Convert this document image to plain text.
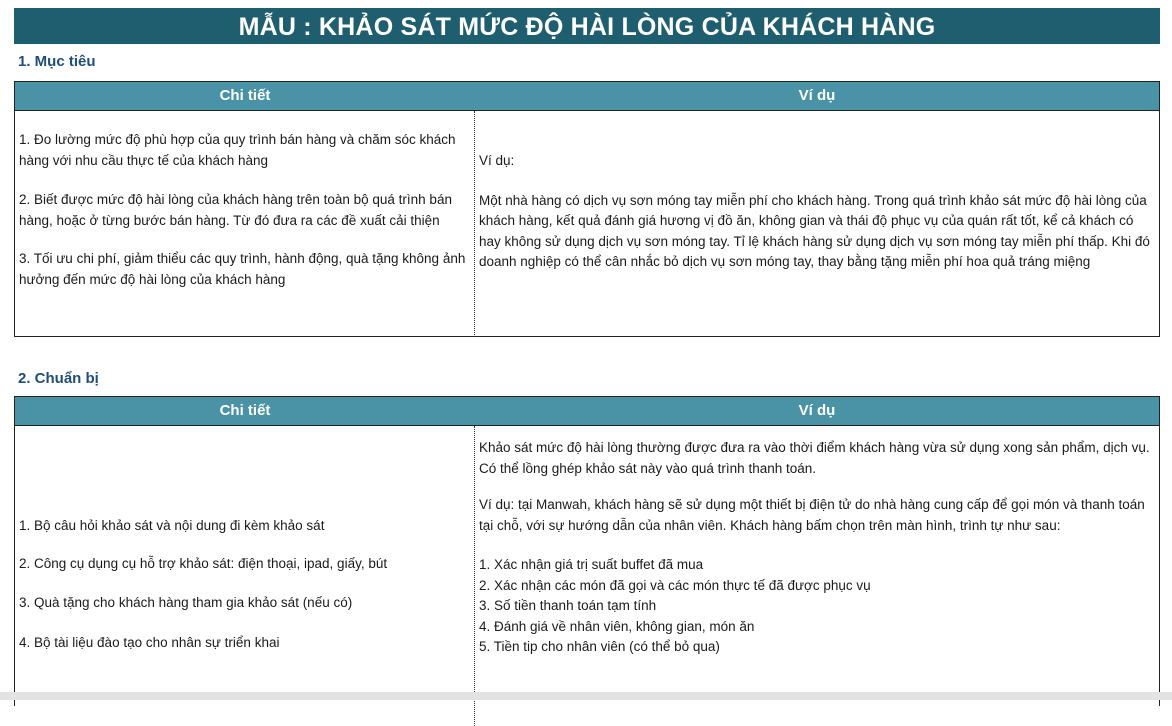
MẪU : KHẢO SÁT MỨC ĐỘ HÀI LÒNG CỦA KHÁCH HÀNG
1. Mục tiêu
Chi tiết	Ví dụ

1. Đo lường mức độ phù hợp của quy trình bán hàng và chăm sóc khách hàng với nhu cầu thực tế của khách hàng

2. Biết được mức độ hài lòng của khách hàng trên toàn bộ quá trình bán hàng, hoặc ở từng bước bán hàng. Từ đó đưa ra các đề xuất cải thiện

3. Tối ưu chi phí, giảm thiểu các quy trình, hành động, quà tặng không ảnh hưởng đến mức độ hài lòng của khách hàng

Ví dụ:

Một nhà hàng có dịch vụ sơn móng tay miễn phí cho khách hàng. Trong quá trình khảo sát mức độ hài lòng của khách hàng, kết quả đánh giá hương vị đồ ăn, không gian và thái độ phục vụ của quán rất tốt, kể cả khách có hay không sử dụng dịch vụ sơn móng tay. Tỉ lệ khách hàng sử dụng dịch vụ sơn móng tay miễn phí thấp. Khi đó doanh nghiệp có thể cân nhắc bỏ dịch vụ sơn móng tay, thay bằng tặng miễn phí hoa quả tráng miệng

2. Chuẩn bị
Chi tiết	Ví dụ

1. Bộ câu hỏi khảo sát và nội dung đi kèm khảo sát

2. Công cụ dụng cụ hỗ trợ khảo sát: điện thoại, ipad, giấy, bút

3. Quà tặng cho khách hàng tham gia khảo sát (nếu có)

4. Bộ tài liệu đào tạo cho nhân sự triển khai

Khảo sát mức độ hài lòng thường được đưa ra vào thời điểm khách hàng vừa sử dụng xong sản phẩm, dịch vụ. Có thể lồng ghép khảo sát này vào quá trình thanh toán.

Ví dụ: tại Manwah, khách hàng sẽ sử dụng một thiết bị điện tử do nhà hàng cung cấp để gọi món và thanh toán tại chỗ, với sự hướng dẫn của nhân viên. Khách hàng bấm chọn trên màn hình, trình tự như sau:

1. Xác nhận giá trị suất buffet đã mua

2. Xác nhận các món đã gọi và các món thực tế đã được phục vụ

3. Số tiền thanh toán tạm tính

4. Đánh giá về nhân viên, không gian, món ăn

5. Tiền tip cho nhân viên (có thể bỏ qua)
